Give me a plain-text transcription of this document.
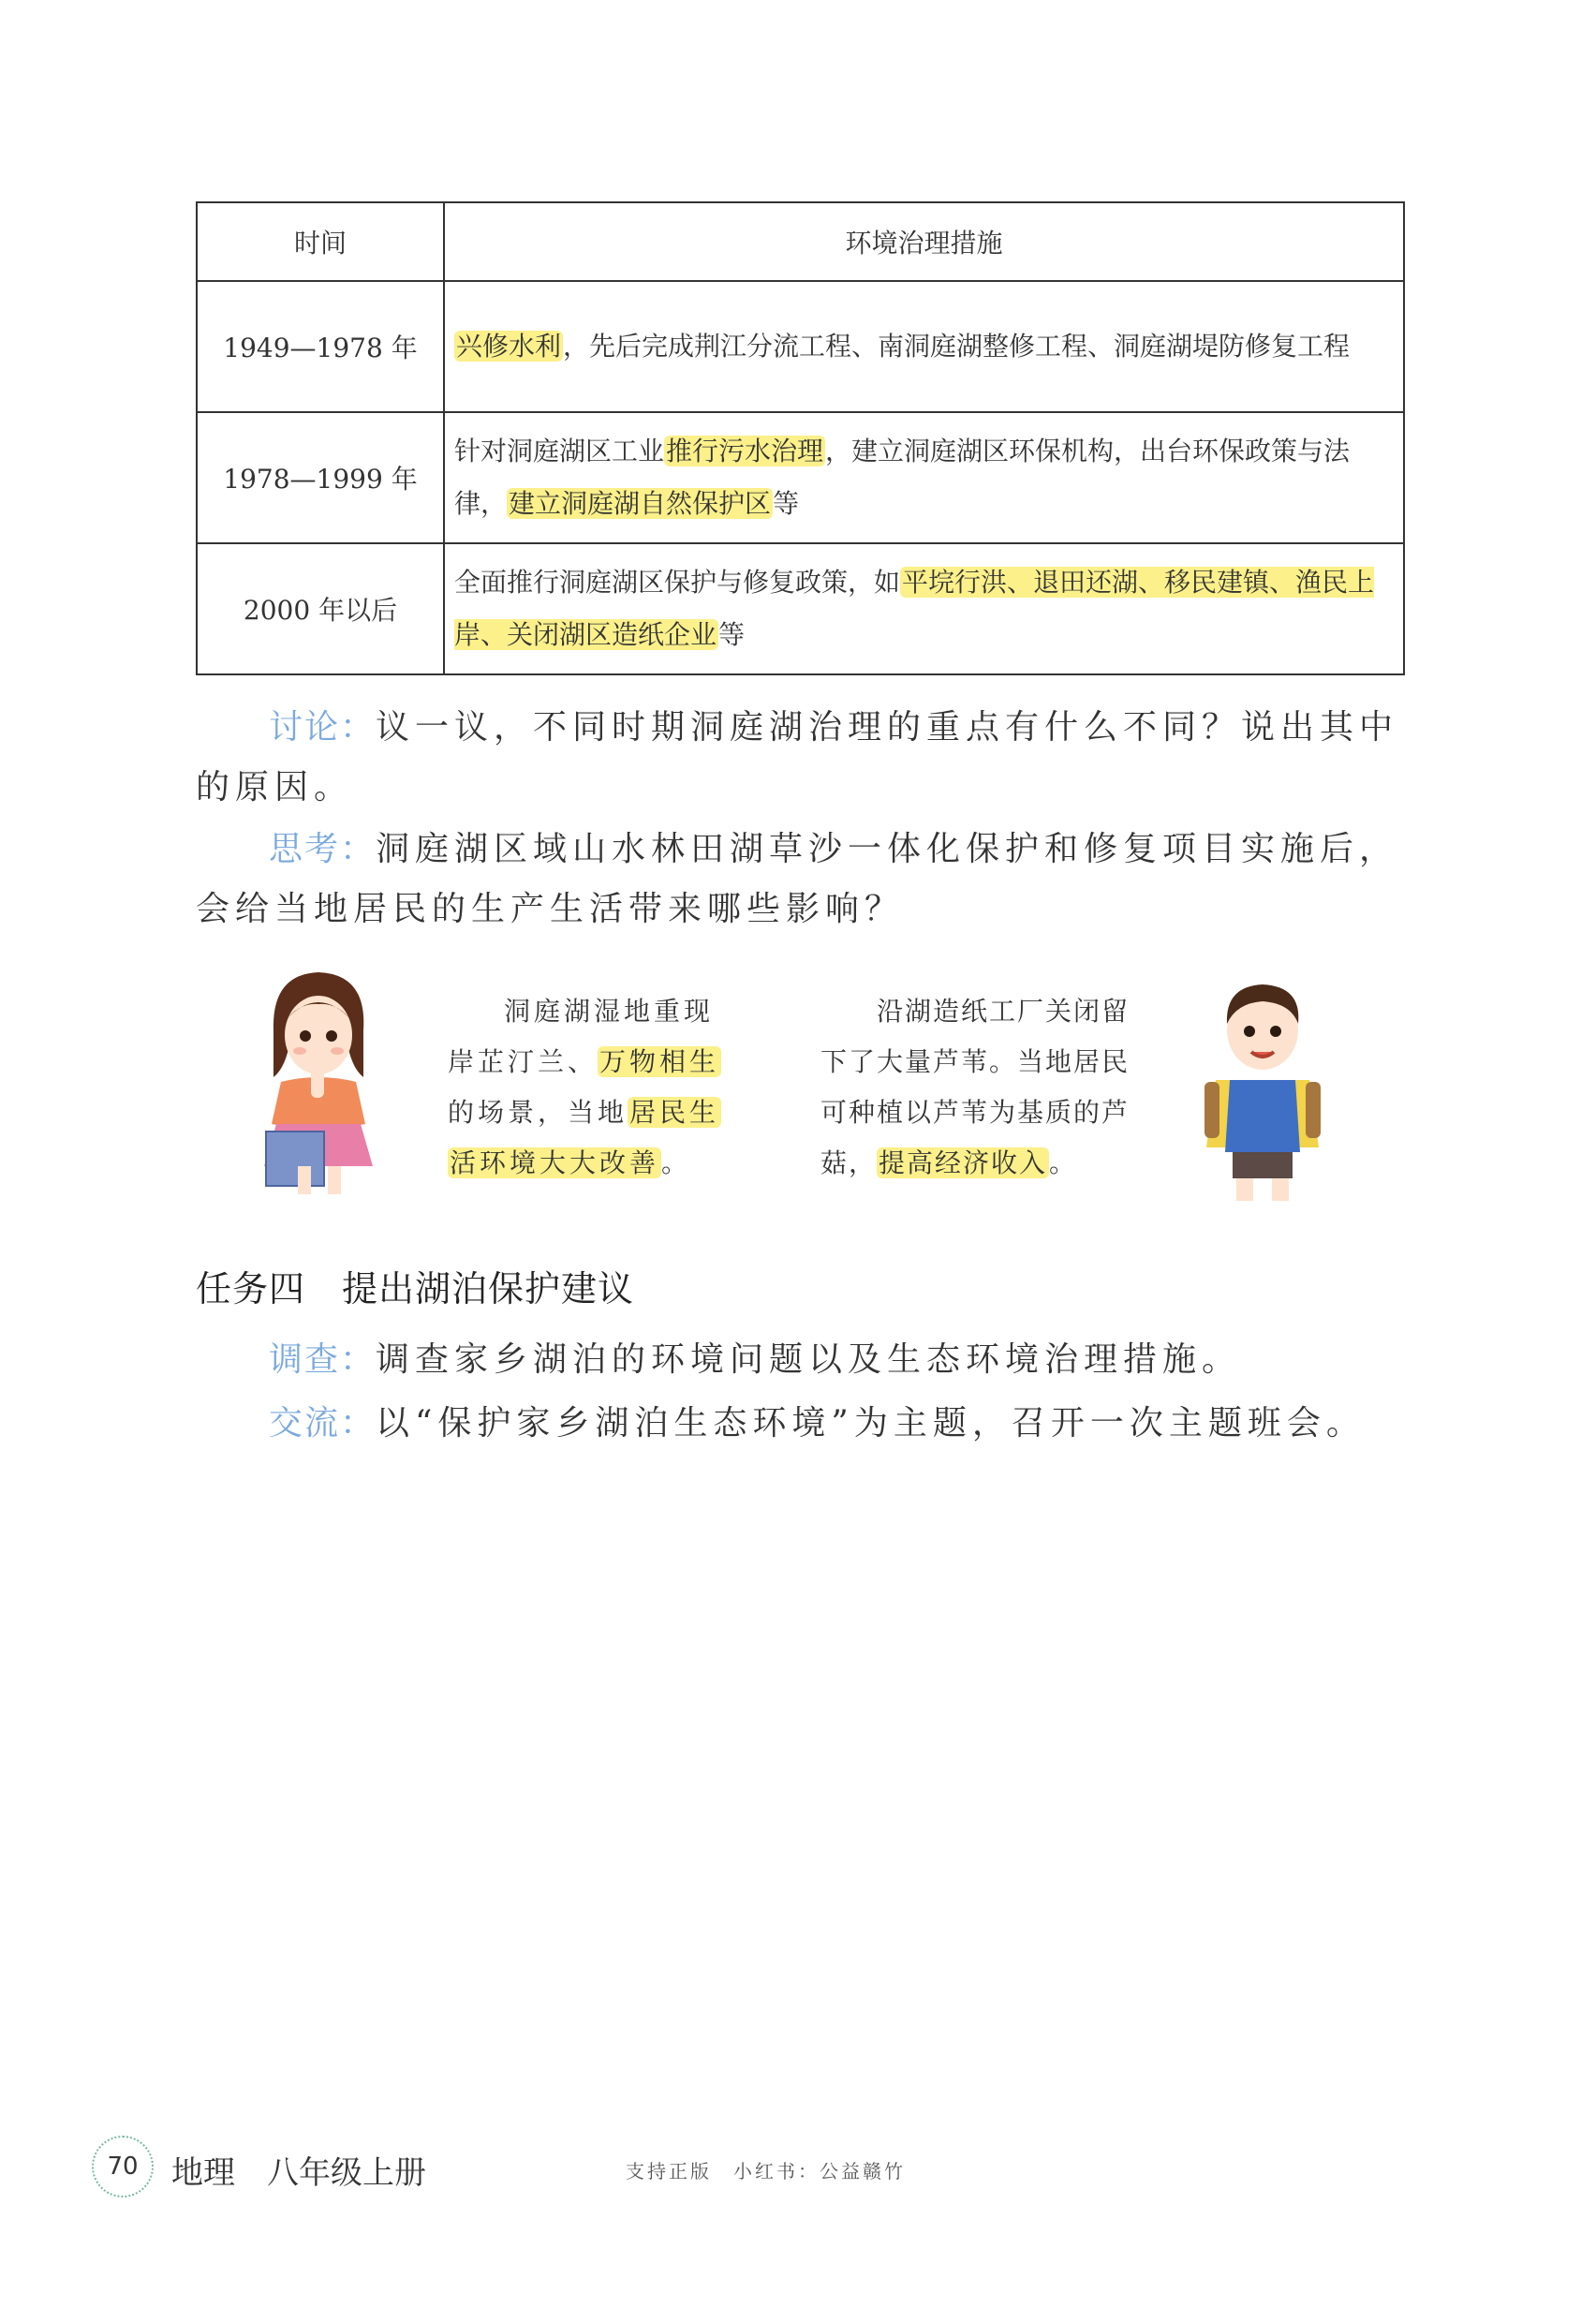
时间	环境治理措施
1949—1978 年	兴修水利，先后完成荆江分流工程、南洞庭湖整修工程、洞庭湖堤防修复工程
1978—1999 年	针对洞庭湖区工业推行污水治理，建立洞庭湖区环保机构，出台环保政策与法律，建立洞庭湖自然保护区等
2000 年以后	全面推行洞庭湖区保护与修复政策，如平垸行洪、退田还湖、移民建镇、渔民上岸、关闭湖区造纸企业等
讨论：议一议，不同时期洞庭湖治理的重点有什么不同？说出其中的原因。
思考：洞庭湖区域山水林田湖草沙一体化保护和修复项目实施后，会给当地居民的生产生活带来哪些影响？
洞庭湖湿地重现
岸芷汀兰、万物相生
的场景，当地居民生
活环境大大改善。
沿湖造纸工厂关闭留
下了大量芦苇。当地居民
可种植以芦苇为基质的芦
菇，提高经济收入。
任务四　提出湖泊保护建议
调查：调查家乡湖泊的环境问题以及生态环境治理措施。
交流：以“保护家乡湖泊生态环境”为主题，召开一次主题班会。
70	地理　八年级上册	支持正版　小红书：公益赣竹
